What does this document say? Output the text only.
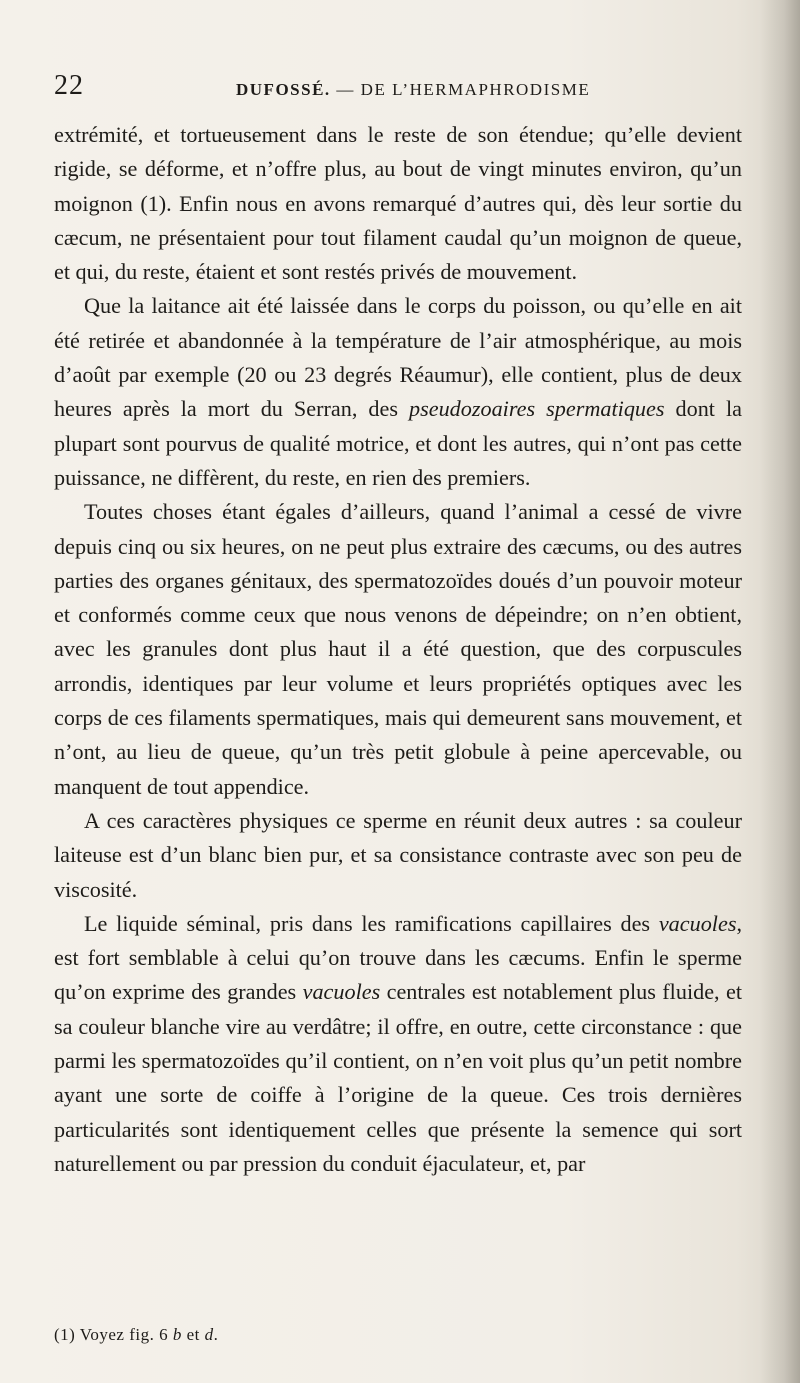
22	DUFOSSÉ. — DE L’HERMAPHRODISME

extrémité, et tortueusement dans le reste de son étendue; qu’elle devient rigide, se déforme, et n’offre plus, au bout de vingt minutes environ, qu’un moignon (1). Enfin nous en avons remarqué d’autres qui, dès leur sortie du cæcum, ne présentaient pour tout filament caudal qu’un moignon de queue, et qui, du reste, étaient et sont restés privés de mouvement.

Que la laitance ait été laissée dans le corps du poisson, ou qu’elle en ait été retirée et abandonnée à la température de l’air atmosphérique, au mois d’août par exemple (20 ou 23 degrés Réaumur), elle contient, plus de deux heures après la mort du Serran, des pseudozoaires spermatiques dont la plupart sont pourvus de qualité motrice, et dont les autres, qui n’ont pas cette puissance, ne diffèrent, du reste, en rien des premiers.

Toutes choses étant égales d’ailleurs, quand l’animal a cessé de vivre depuis cinq ou six heures, on ne peut plus extraire des cæcums, ou des autres parties des organes génitaux, des spermatozoïdes doués d’un pouvoir moteur et conformés comme ceux que nous venons de dépeindre; on n’en obtient, avec les granules dont plus haut il a été question, que des corpuscules arrondis, identiques par leur volume et leurs propriétés optiques avec les corps de ces filaments spermatiques, mais qui demeurent sans mouvement, et n’ont, au lieu de queue, qu’un très petit globule à peine apercevable, ou manquent de tout appendice.

A ces caractères physiques ce sperme en réunit deux autres : sa couleur laiteuse est d’un blanc bien pur, et sa consistance contraste avec son peu de viscosité.

Le liquide séminal, pris dans les ramifications capillaires des vacuoles, est fort semblable à celui qu’on trouve dans les cæcums. Enfin le sperme qu’on exprime des grandes vacuoles centrales est notablement plus fluide, et sa couleur blanche vire au verdâtre; il offre, en outre, cette circonstance : que parmi les spermatozoïdes qu’il contient, on n’en voit plus qu’un petit nombre ayant une sorte de coiffe à l’origine de la queue. Ces trois dernières particularités sont identiquement celles que présente la semence qui sort naturellement ou par pression du conduit éjaculateur, et, par

(1) Voyez fig. 6 b et d.
